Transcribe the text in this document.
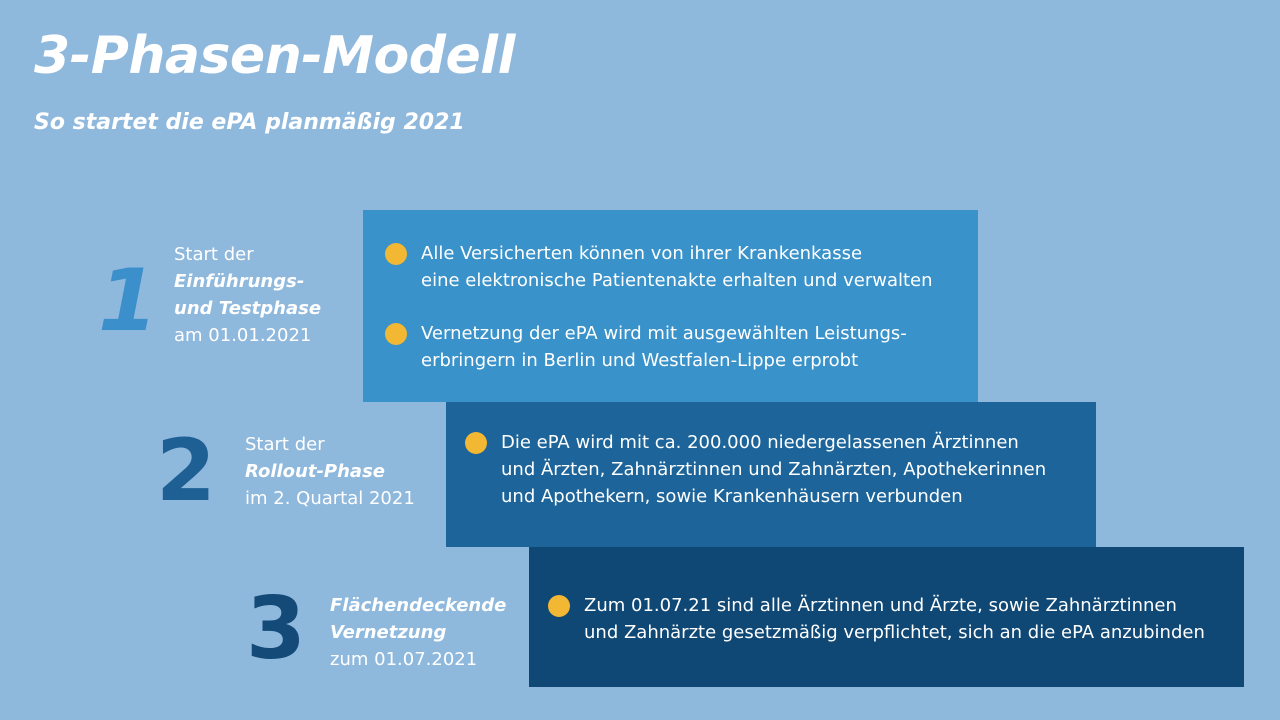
3-Phasen-Modell
So startet die ePA planmäßig 2021
1 Start der
Einführungs-
und Testphase
am 01.01.2021
Alle Versicherten können von ihrer Krankenkasse
eine elektronische Patientenakte erhalten und verwalten
Vernetzung der ePA wird mit ausgewählten Leistungs-
erbringern in Berlin und Westfalen-Lippe erprobt
2 Start der
Rollout-Phase
im 2. Quartal 2021
Die ePA wird mit ca. 200.000 niedergelassenen Ärztinnen
und Ärzten, Zahnärztinnen und Zahnärzten, Apothekerinnen
und Apothekern, sowie Krankenhäusern verbunden
3 Flächendeckende
Vernetzung
zum 01.07.2021
Zum 01.07.21 sind alle Ärztinnen und Ärzte, sowie Zahnärztinnen
und Zahnärzte gesetzmäßig verpflichtet, sich an die ePA anzubinden
